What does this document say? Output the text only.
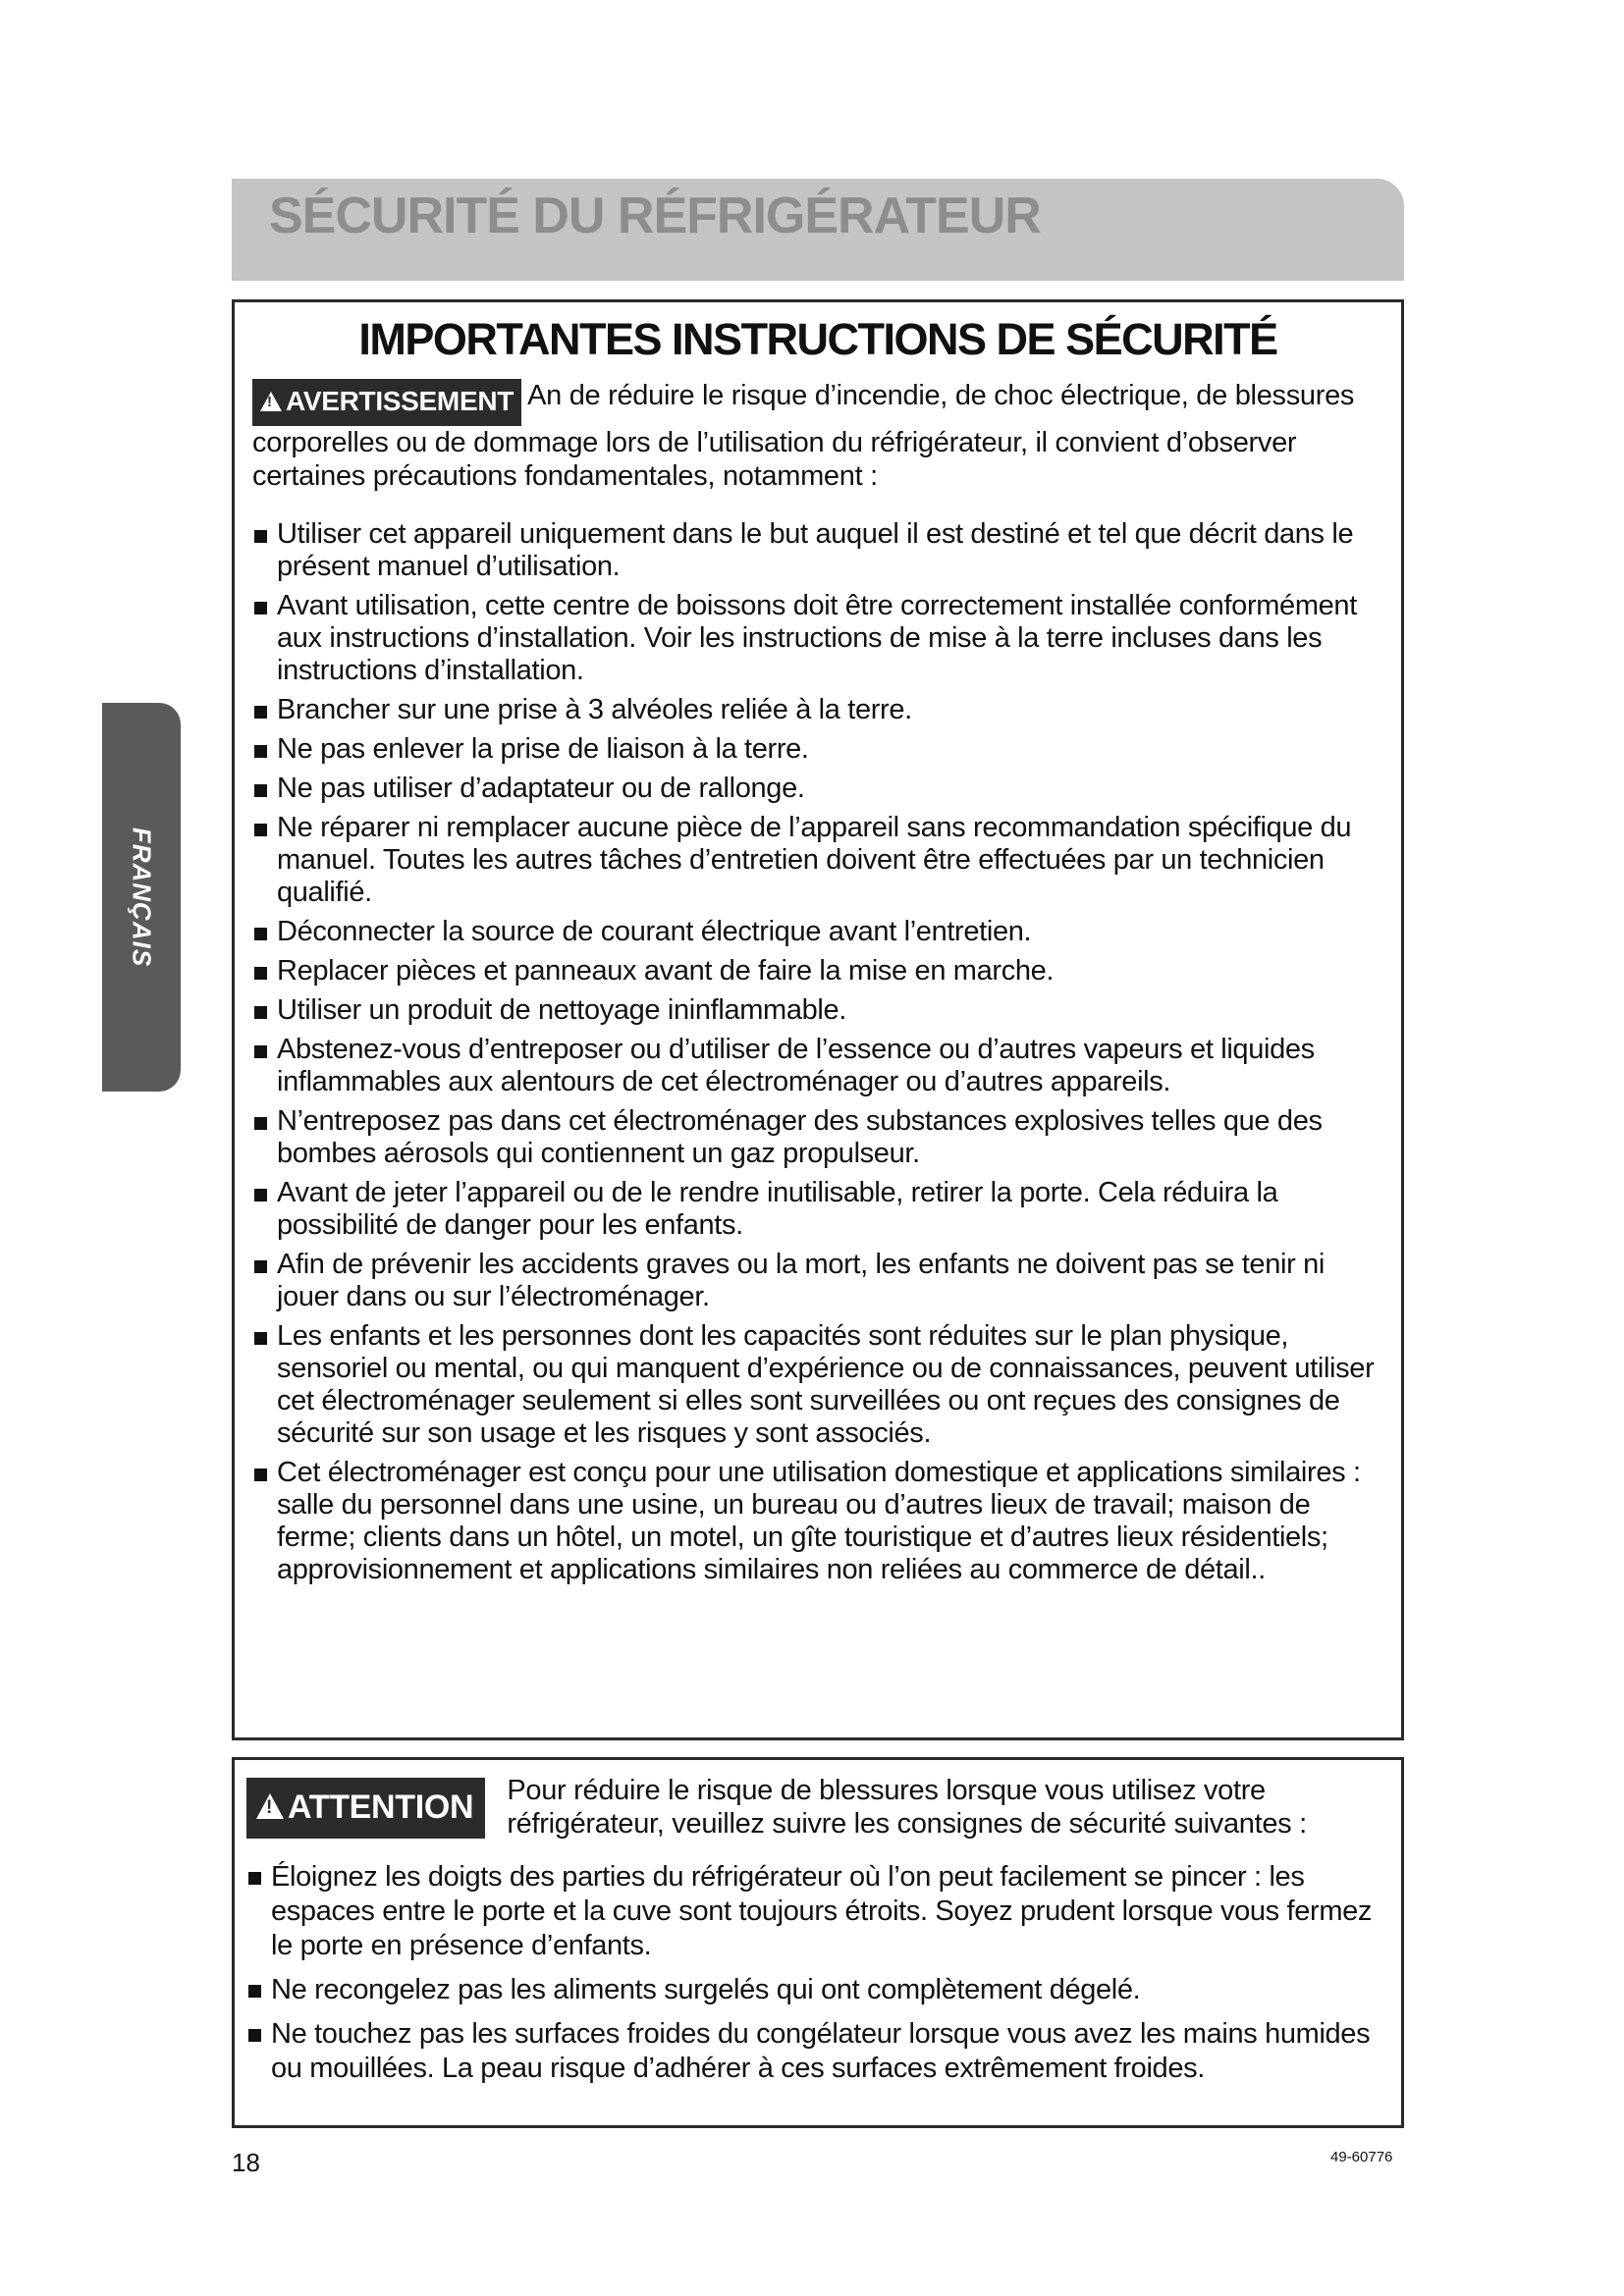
SÉCURITÉ DU RÉFRIGÉRATEUR
FRANÇAIS
IMPORTANTES INSTRUCTIONS DE SÉCURITÉ

!AVERTISSEMENT An de réduire le risque d’incendie, de choc électrique, de blessures corporelles ou de dommage lors de l’utilisation du réfrigérateur, il convient d’observer certaines précautions fondamentales, notamment :

Utiliser cet appareil uniquement dans le but auquel il est destiné et tel que décrit dans le présent manuel d’utilisation.
Avant utilisation, cette centre de boissons doit être correctement installée conformément aux instructions d’installation. Voir les instructions de mise à la terre incluses dans les instructions d’installation.
Brancher sur une prise à 3 alvéoles reliée à la terre.
Ne pas enlever la prise de liaison à la terre.
Ne pas utiliser d’adaptateur ou de rallonge.
Ne réparer ni remplacer aucune pièce de l’appareil sans recommandation spécifique du manuel. Toutes les autres tâches d’entretien doivent être effectuées par un technicien qualifié.
Déconnecter la source de courant électrique avant l’entretien.
Replacer pièces et panneaux avant de faire la mise en marche.
Utiliser un produit de nettoyage ininflammable.
Abstenez-vous d’entreposer ou d’utiliser de l’essence ou d’autres vapeurs et liquides inflammables aux alentours de cet électroménager ou d’autres appareils.
N’entreposez pas dans cet électroménager des substances explosives telles que des bombes aérosols qui contiennent un gaz propulseur.
Avant de jeter l’appareil ou de le rendre inutilisable, retirer la porte. Cela réduira la possibilité de danger pour les enfants.
Afin de prévenir les accidents graves ou la mort, les enfants ne doivent pas se tenir ni jouer dans ou sur l’électroménager.
Les enfants et les personnes dont les capacités sont réduites sur le plan physique, sensoriel ou mental, ou qui manquent d’expérience ou de connaissances, peuvent utiliser cet électroménager seulement si elles sont surveillées ou ont reçues des consignes de sécurité sur son usage et les risques y sont associés.
Cet électroménager est conçu pour une utilisation domestique et applications similaires : salle du personnel dans une usine, un bureau ou d’autres lieux de travail; maison de ferme; clients dans un hôtel, un motel, un gîte touristique et d’autres lieux résidentiels; approvisionnement et applications similaires non reliées au commerce de détail..
!ATTENTION	Pour réduire le risque de blessures lorsque vous utilisez votre réfrigérateur, veuillez suivre les consignes de sécurité suivantes :
Éloignez les doigts des parties du réfrigérateur où l’on peut facilement se pincer : les espaces entre le porte et la cuve sont toujours étroits. Soyez prudent lorsque vous fermez le porte en présence d’enfants.
Ne recongelez pas les aliments surgelés qui ont complètement dégelé.
Ne touchez pas les surfaces froides du congélateur lorsque vous avez les mains humides ou mouillées. La peau risque d’adhérer à ces surfaces extrêmement froides.
18	49-60776
